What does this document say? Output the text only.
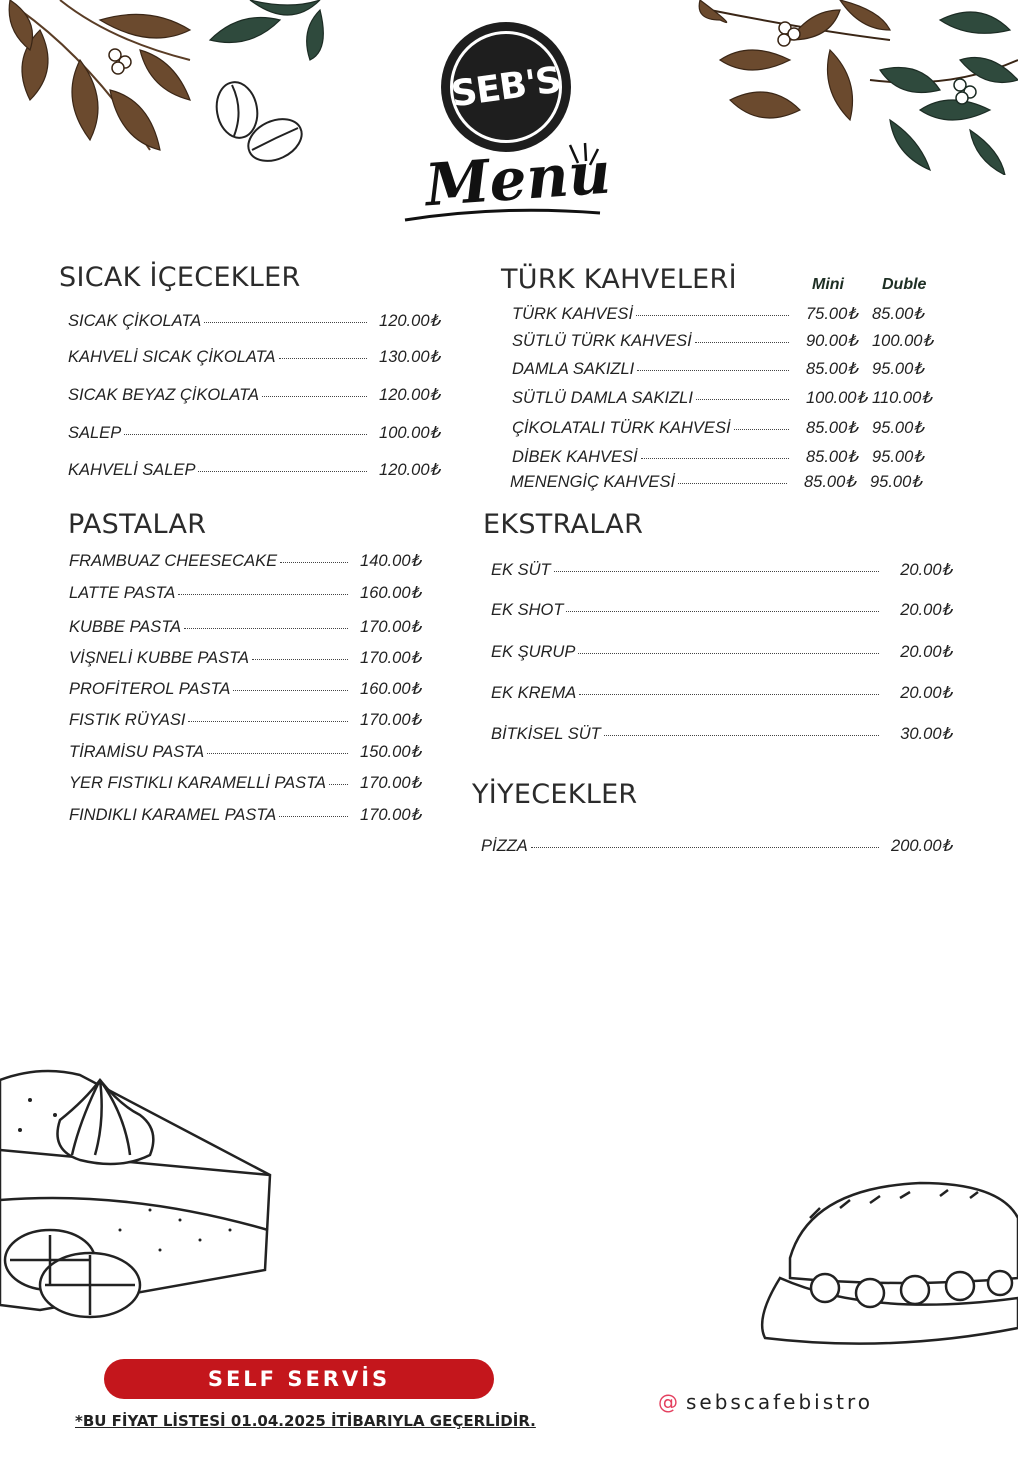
SEB'S
Menu
SICAK İÇECEKLER
SICAK ÇİKOLATA	120.00₺
KAHVELİ SICAK ÇİKOLATA	130.00₺
SICAK BEYAZ ÇİKOLATA	120.00₺
SALEP	100.00₺
KAHVELİ SALEP	120.00₺
TÜRK KAHVELERİ	Mini Duble
TÜRK KAHVESİ	75.00₺ 85.00₺
SÜTLÜ TÜRK KAHVESİ	90.00₺ 100.00₺
DAMLA SAKIZLI	85.00₺ 95.00₺
SÜTLÜ DAMLA SAKIZLI	100.00₺ 110.00₺
ÇİKOLATALI TÜRK KAHVESİ	85.00₺ 95.00₺
DİBEK KAHVESİ	85.00₺ 95.00₺
MENENGİÇ KAHVESİ	85.00₺ 95.00₺
PASTALAR
FRAMBUAZ CHEESECAKE	140.00₺
LATTE PASTA	160.00₺
KUBBE PASTA	170.00₺
VİŞNELİ KUBBE PASTA	170.00₺
PROFİTEROL PASTA	160.00₺
FISTIK RÜYASI	170.00₺
TİRAMİSU PASTA	150.00₺
YER FISTIKLI KARAMELLİ PASTA	170.00₺
FINDIKLI KARAMEL PASTA	170.00₺
EKSTRALAR
EK SÜT	20.00₺
EK SHOT	20.00₺
EK ŞURUP	20.00₺
EK KREMA	20.00₺
BİTKİSEL SÜT	30.00₺
YİYECEKLER
PİZZA	200.00₺
SELF SERVİS
*BU FİYAT LİSTESİ 01.04.2025 İTİBARIYLA GEÇERLİDİR.
@ sebscafebistro
